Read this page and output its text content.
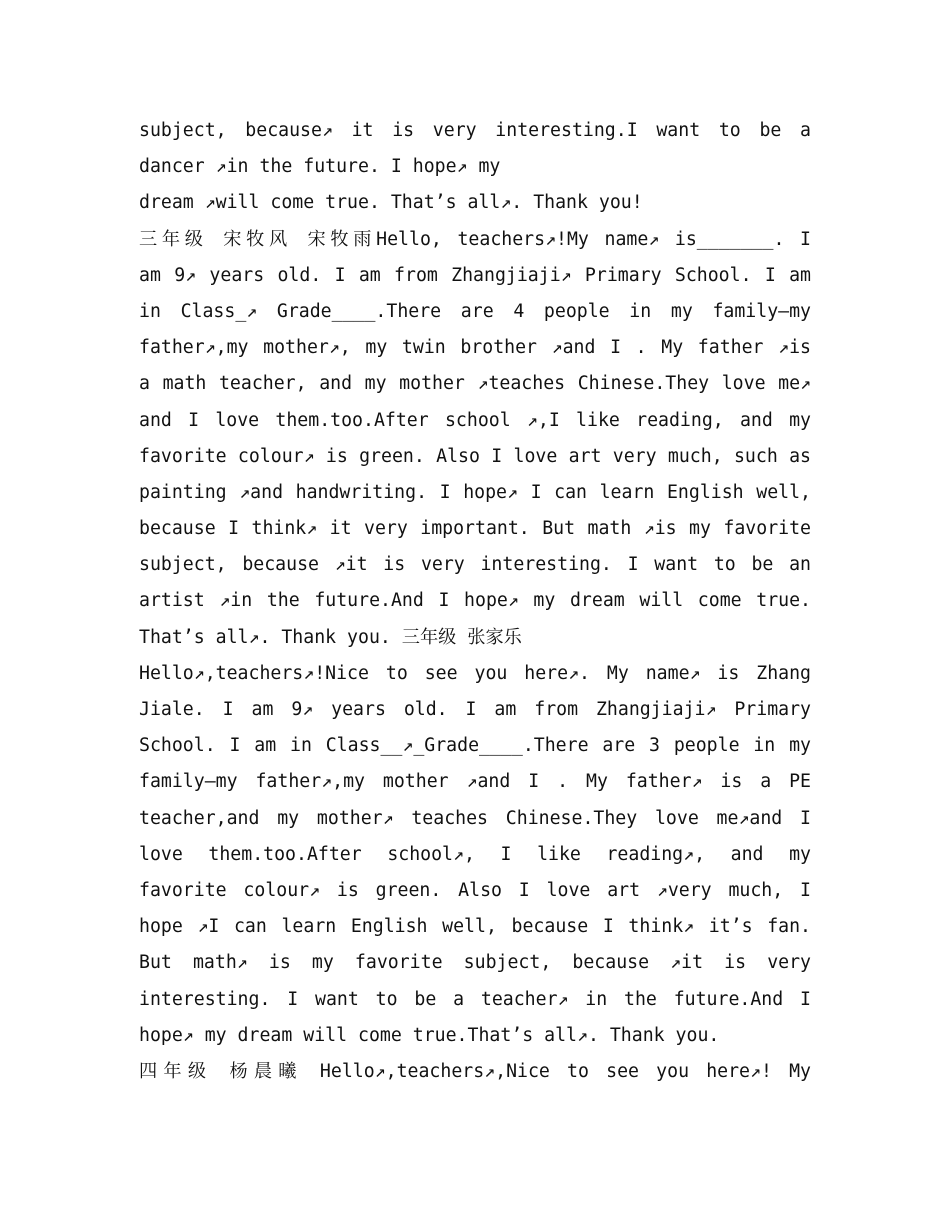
subject, because↗ it is very interesting.I want to be a
dancer ↗in the future. I hope↗ my
dream ↗will come true. That’s all↗. Thank you!
三年级 宋牧风 宋牧雨Hello, teachers↗!My name↗ is_______. I
am 9↗ years old. I am from Zhangjiaji↗ Primary School. I am
in Class_↗ Grade____.There are 4 people in my family—my
father↗,my mother↗, my twin brother ↗and I . My father ↗is
a math teacher, and my mother ↗teaches Chinese.They love me↗
and I love them.too.After school ↗,I like reading, and my
favorite colour↗ is green. Also I love art very much, such as
painting ↗and handwriting. I hope↗ I can learn English well,
because I think↗ it very important. But math ↗is my favorite
subject, because ↗it is very interesting. I want to be an
artist ↗in the future.And I hope↗ my dream will come true.
That’s all↗. Thank you. 三年级 张家乐
Hello↗,teachers↗!Nice to see you here↗. My name↗ is Zhang
Jiale. I am 9↗ years old. I am from Zhangjiaji↗ Primary
School. I am in Class__↗_Grade____.There are 3 people in my
family—my father↗,my mother ↗and I . My father↗ is a PE
teacher,and my mother↗ teaches Chinese.They love me↗and I
love them.too.After school↗, I like reading↗, and my
favorite colour↗ is green. Also I love art ↗very much, I
hope ↗I can learn English well, because I think↗ it’s fan.
But math↗ is my favorite subject, because ↗it is very
interesting. I want to be a teacher↗ in the future.And I
hope↗ my dream will come true.That’s all↗. Thank you.
四年级 杨晨曦 Hello↗,teachers↗,Nice to see you here↗! My
